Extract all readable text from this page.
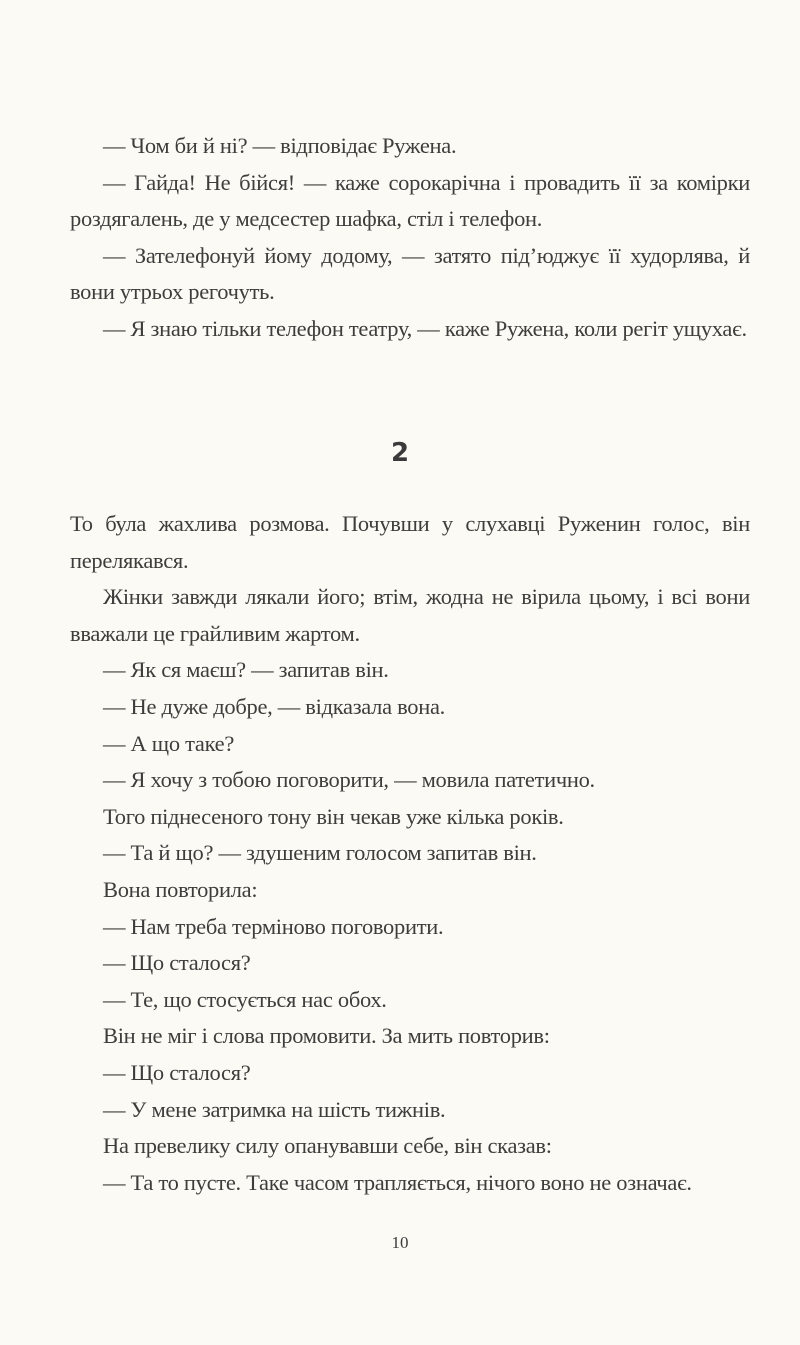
— Чом би й ні? — відповідає Ружена.

— Гайда! Не бійся! — каже сорокарічна і провадить її за комірки роздягалень, де у медсестер шафка, стіл і телефон.

— Зателефонуй йому додому, — затято під’юджує її худорлява, й вони утрьох регочуть.

— Я знаю тільки телефон театру, — каже Ружена, коли регіт ущухає.

То була жахлива розмова. Почувши у слухавці Руженин голос, він перелякався.

Жінки завжди лякали його; втім, жодна не вірила цьому, і всі вони вважали це грайливим жартом.

— Як ся маєш? — запитав він.

— Не дуже добре, — відказала вона.

— А що таке?

— Я хочу з тобою поговорити, — мовила патетично.

Того піднесеного тону він чекав уже кілька років.

— Та й що? — здушеним голосом запитав він.

Вона повторила:

— Нам треба терміново поговорити.

— Що сталося?

— Те, що стосується нас обох.

Він не міг і слова промовити. За мить повторив:

— Що сталося?

— У мене затримка на шість тижнів.

На превелику силу опанувавши себе, він сказав:

— Та то пусте. Таке часом трапляється, нічого воно не означає.

2
10
